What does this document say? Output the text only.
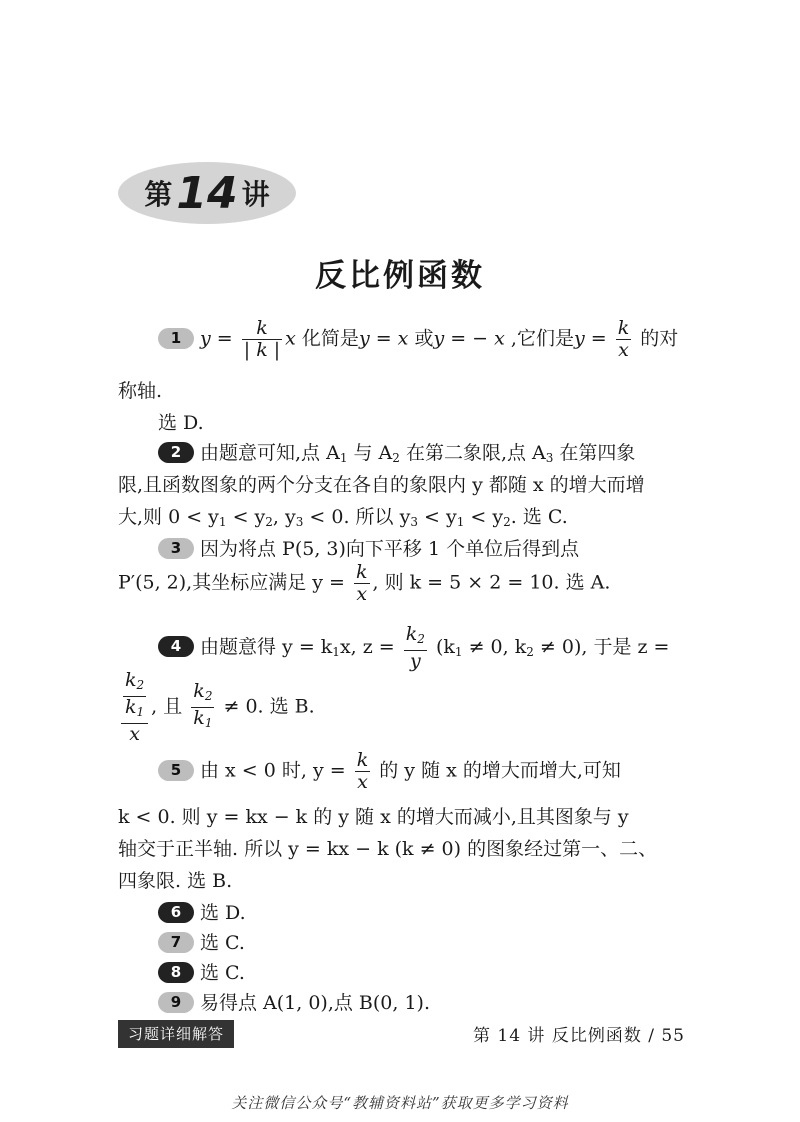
第 14 讲
反比例函数
1 $y = \frac{k}{| k |}$ x 化简是y = x 或y = − x ,它们是$y = \frac{k}{x}$ 的对
称轴.
选 D.
2 由题意可知,点 $A_1$ 与 $A_2$ 在第二象限,点 $A_3$ 在第四象
限,且函数图象的两个分支在各自的象限内 y 都随 x 的增大而增
大,则 $0 < y_1 < y_2$, $y_3 < 0$. 所以 $y_3 < y_1 < y_2$. 选 C.
3 因为将点 P(5, 3)向下平移 1 个单位后得到点
P′(5, 2),其坐标应满足 $y = \frac{k}{x}$ , 则 k = 5 × 2 = 10. 选 A.
4 由题意得 $y = k_1x$, $z = \frac{k_2}{y} (k_1 \ne 0$, $k_2 \ne 0$), 于是 z =
$\frac{\frac{k_2}{k_1}}{x}$ , 且 $\frac{k_2}{k_1} \ne 0$. 选 B.
5 由 x < 0 时, $y = \frac{k}{x}$ 的 y 随 x 的增大而增大,可知
k < 0. 则 y = kx − k 的 y 随 x 的增大而减小,且其图象与 y
轴交于正半轴. 所以 y = kx − k (k ≠ 0) 的图象经过第一、二、
四象限. 选 B.
6 选 D.
7 选 C.
8 选 C.
9 易得点 A(1, 0),点 B(0, 1).
习题详细解答	第 14 讲 反比例函数 / 55
关注微信公众号“教辅资料站”获取更多学习资料
